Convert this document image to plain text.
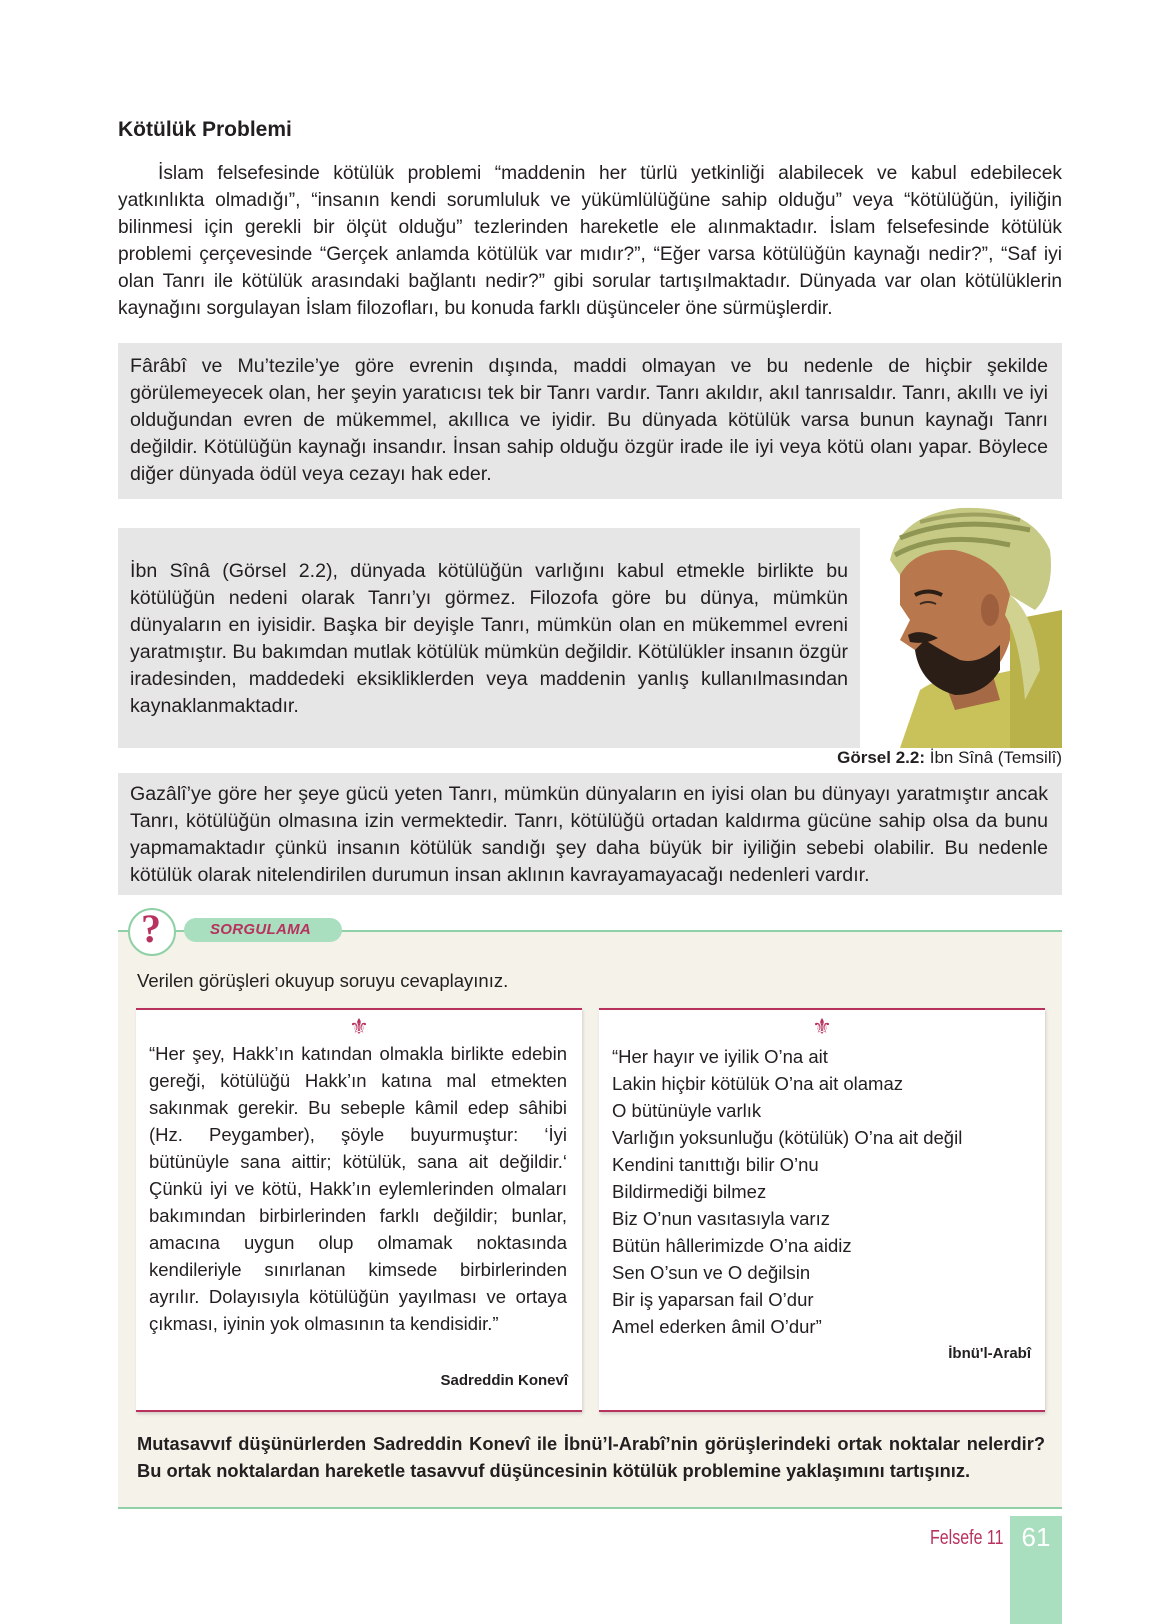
Kötülük Problemi

İslam felsefesinde kötülük problemi “maddenin her türlü yetkinliği alabilecek ve kabul edebilecek yatkınlıkta olmadığı”, “insanın kendi sorumluluk ve yükümlülüğüne sahip olduğu” veya “kötülüğün, iyiliğin bilinmesi için gerekli bir ölçüt olduğu” tezlerinden hareketle ele alınmaktadır. İslam felsefesinde kötülük problemi çerçevesinde “Gerçek anlamda kötülük var mıdır?”, “Eğer varsa kötülüğün kaynağı nedir?”, “Saf iyi olan Tanrı ile kötülük arasındaki bağlantı nedir?” gibi sorular tartışılmaktadır. Dünyada var olan kötülüklerin kaynağını sorgulayan İslam filozofları, bu konuda farklı düşünceler öne sürmüşlerdir.

Fârâbî ve Mu’tezile’ye göre evrenin dışında, maddi olmayan ve bu nedenle de hiçbir şekilde görülemeyecek olan, her şeyin yaratıcısı tek bir Tanrı vardır. Tanrı akıldır, akıl tanrısaldır. Tanrı, akıllı ve iyi olduğundan evren de mükemmel, akıllıca ve iyidir. Bu dünyada kötülük varsa bunun kaynağı Tanrı değildir. Kötülüğün kaynağı insandır. İnsan sahip olduğu özgür irade ile iyi veya kötü olanı yapar. Böylece diğer dünyada ödül veya cezayı hak eder.

İbn Sînâ (Görsel 2.2), dünyada kötülüğün varlığını kabul etmekle birlikte bu kötülüğün nedeni olarak Tanrı’yı görmez. Filozofa göre bu dünya, mümkün dünyaların en iyisidir. Başka bir deyişle Tanrı, mümkün olan en mükemmel evreni yaratmıştır. Bu bakımdan mutlak kötülük mümkün değildir. Kötülükler insanın özgür iradesinden, maddedeki eksikliklerden veya maddenin yanlış kullanılmasından kaynaklanmaktadır.

Görsel 2.2: İbn Sînâ (Temsilî)

Gazâlî’ye göre her şeye gücü yeten Tanrı, mümkün dünyaların en iyisi olan bu dünyayı yaratmıştır ancak Tanrı, kötülüğün olmasına izin vermektedir. Tanrı, kötülüğü ortadan kaldırma gücüne sahip olsa da bunu yapmamaktadır çünkü insanın kötülük sandığı şey daha büyük bir iyiliğin sebebi olabilir. Bu nedenle kötülük olarak nitelendirilen durumun insan aklının kavrayamayacağı nedenleri vardır.

?	SORGULAMA
Verilen görüşleri okuyup soruyu cevaplayınız.
⚜

“Her şey, Hakk’ın katından olmakla birlikte edebin gereği, kötülüğü Hakk’ın katına mal etmekten sakınmak gerekir. Bu sebeple kâmil edep sâhibi (Hz. Peygamber), şöyle buyurmuştur: ‘İyi bütünüyle sana aittir; kötülük, sana ait değildir.‘ Çünkü iyi ve kötü, Hakk’ın eylemlerinden olmaları bakımından birbirlerinden farklı değildir; bunlar, amacına uygun olup olmamak noktasında kendileriyle sınırlanan kimsede birbirlerinden ayrılır. Dolayısıyla kötülüğün yayılması ve ortaya çıkması, iyinin yok olmasının ta kendisidir.”

Sadreddin Konevî
⚜
“Her hayır ve iyilik O’na ait
Lakin hiçbir kötülük O’na ait olamaz
O bütünüyle varlık
Varlığın yoksunluğu (kötülük) O’na ait değil
Kendini tanıttığı bilir O’nu
Bildirmediği bilmez
Biz O’nun vasıtasıyla varız
Bütün hâllerimizde O’na aidiz
Sen O’sun ve O değilsin
Bir iş yaparsan fail O’dur
Amel ederken âmil O’dur”
İbnü'l-Arabî

Mutasavvıf düşünürlerden Sadreddin Konevî ile İbnü’l-Arabî’nin görüşlerindeki ortak noktalar nelerdir? Bu ortak noktalardan hareketle tasavvuf düşüncesinin kötülük problemine yaklaşımını tartışınız.

Felsefe 11 61
